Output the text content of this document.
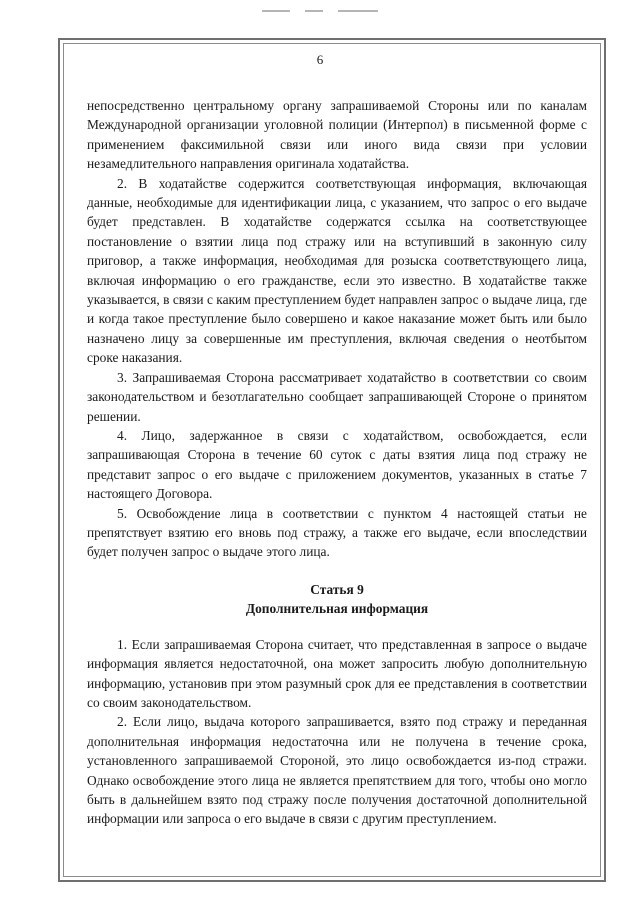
6

непосредственно центральному органу запрашиваемой Стороны или по каналам Международной организации уголовной полиции (Интерпол) в письменной форме с применением факсимильной связи или иного вида связи при условии незамедлительного направления оригинала ходатайства.

2. В ходатайстве содержится соответствующая информация, включающая данные, необходимые для идентификации лица, с указанием, что запрос о его выдаче будет представлен. В ходатайстве содержатся ссылка на соответствующее постановление о взятии лица под стражу или на вступивший в законную силу приговор, а также информация, необходимая для розыска соответствующего лица, включая информацию о его гражданстве, если это известно. В ходатайстве также указывается, в связи с каким преступлением будет направлен запрос о выдаче лица, где и когда такое преступление было совершено и какое наказание может быть или было назначено лицу за совершенные им преступления, включая сведения о неотбытом сроке наказания.

3. Запрашиваемая Сторона рассматривает ходатайство в соответствии со своим законодательством и безотлагательно сообщает запрашивающей Стороне о принятом решении.

4. Лицо, задержанное в связи с ходатайством, освобождается, если запрашивающая Сторона в течение 60 суток с даты взятия лица под стражу не представит запрос о его выдаче с приложением документов, указанных в статье 7 настоящего Договора.

5. Освобождение лица в соответствии с пунктом 4 настоящей статьи не препятствует взятию его вновь под стражу, а также его выдаче, если впоследствии будет получен запрос о выдаче этого лица.

Статья 9
Дополнительная информация

1. Если запрашиваемая Сторона считает, что представленная в запросе о выдаче информация является недостаточной, она может запросить любую дополнительную информацию, установив при этом разумный срок для ее представления в соответствии со своим законодательством.

2. Если лицо, выдача которого запрашивается, взято под стражу и переданная дополнительная информация недостаточна или не получена в течение срока, установленного запрашиваемой Стороной, это лицо освобождается из-под стражи. Однако освобождение этого лица не является препятствием для того, чтобы оно могло быть в дальнейшем взято под стражу после получения достаточной дополнительной информации или запроса о его выдаче в связи с другим преступлением.
